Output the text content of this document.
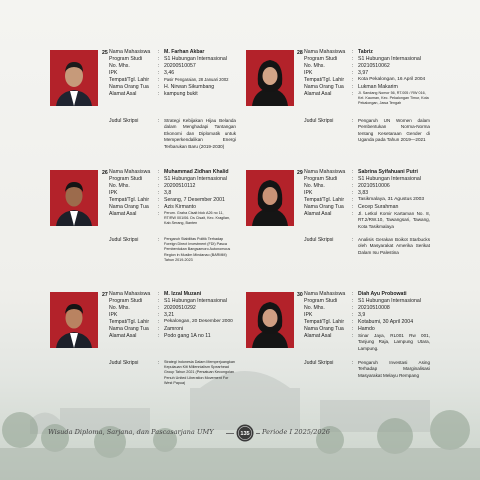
25 Nama Mahasiswa
Program Studi
No. Mhs.
IPK
Tempat/Tgl. Lahir
Nama Orang Tua
Alamat Asal
Judul Skripsi
:
:
:
:
:
:
:
:
M. Farhan Akbar
S1 Hubungan Internasional
20200510057
3,46
Pasir Pengaraian, 28 Januari 2002
H. Nirwan Sikumbang
kampung bukit
Strategi Kebijakan Hijau Belanda dalam Menghadapi Tantangan Ekonomi dan Diplomatik untuk Memperkendalikan Energi Terbarukan Baru (2019-2030)
28 Nama Mahasiswa
Program Studi
No. Mhs.
IPK
Tempat/Tgl. Lahir
Nama Orang Tua
Alamat Asal
Judul Skripsi
:
:
:
:
:
:
:
:
Tabriz
S1 Hubungan Internasional
20210510062
3,97
Kota Pekalongan, 16 April 2004
Lukman Makarim
Jl. Sandang Nomor 56, RT.005 / RW 016, Kel. Kauman, Kec. Pekalongan Timur, Kota Pekalongan, Jawa Tengah
Pengaruh UN Women dalam Pembentukan Norma-Norma tentang Kesetaraan Gender di Uganda pada Tahun 2019—2021
26 Nama Mahasiswa
Program Studi
No. Mhs.
IPK
Tempat/Tgl. Lahir
Nama Orang Tua
Alamat Asal
Judul Skripsi
:
:
:
:
:
:
:
:
Muhammad Zidhan Khalid
S1 Hubungan Internasional
20200510112
3,8
Serang, 7 Desember 2001
Azis Kirmanto
Perum. Graha Cisait blok A26 no 11, RT/RW 001/06. Ds Cisait, Kec. Kragilan, Kab.Serang, Banten
Pengaruh Stabilitas Politik Terhadap Foreign Direct Investment (FDI) Pasca Pembentukan Bangsamoro Autonomous Region in Muslim Mindanao (BARMM) Tahun 2019-2023
29 Nama Mahasiswa
Program Studi
No. Mhs.
IPK
Tempat/Tgl. Lahir
Nama Orang Tua
Alamat Asal
Judul Skripsi
:
:
:
:
:
:
:
:
Sabrina Syifahuani Putri
S1 Hubungan Internasional
20210510006
3,83
Tasikmalaya, 31 Agustus 2003
Cecep Surahman
Jl. Letkol Komir Kartaman No. 8, RT.2/RW.10, Tawangsari, Tawang, Kota Tasikmalaya
Analisis Gerakan Boikot Starbucks oleh Masyarakat Amerika Serikat Dalam Isu Palestina
27 Nama Mahasiswa
Program Studi
No. Mhs.
IPK
Tempat/Tgl. Lahir
Nama Orang Tua
Alamat Asal
Judul Skripsi
:
:
:
:
:
:
:
:
M. Izzal Muzani
S1 Hubungan Internasional
20200510292
3,21
Pekalongan, 20 Desember 2000
Zamroni
Podo gang 1A no 11
Strategi Indonesia Dalam Memperjuangkan Kepulauan Kiti Millennialism Spearhead Group Tahun 2021 (Persatuan Kecongolan Penuh United Liberation Movement For West Papua)
30 Nama Mahasiswa
Program Studi
No. Mhs.
IPK
Tempat/Tgl. Lahir
Nama Orang Tua
Alamat Asal
Judul Skripsi
:
:
:
:
:
:
:
:
Diah Ayu Probowati
S1 Hubungan Internasional
20210510008
3,9
Kotabumi, 30 April 2004
Hamdo
Sinar Jaya, RL001 Rw 001, Tanjung Raja, Lampung Utara, Lampung.
Pengaruh Investasi Asing Terhadap Marginalisasi Masyarakat Melayu Rempang
Wisuda Diploma, Sarjana, dan Pascasarjana UMY	135 Periode I 2025/2026
